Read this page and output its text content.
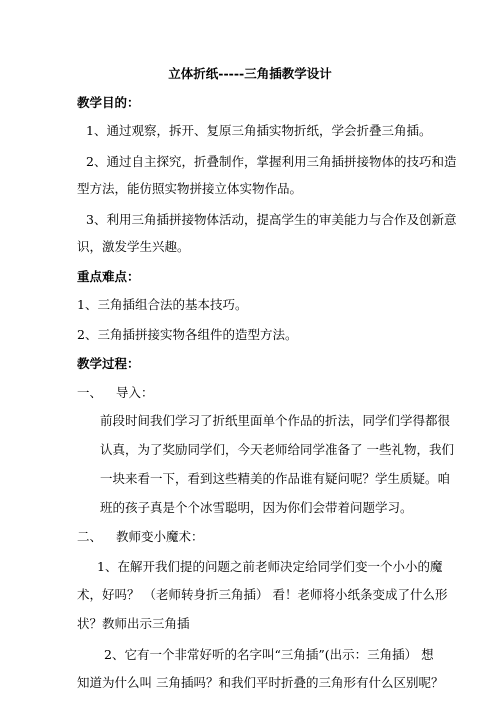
立体折纸-----三角插教学设计
教学目的：
1、通过观察，拆开、复原三角插实物折纸，学会折叠三角插。
2、通过自主探究，折叠制作，掌握利用三角插拼接物体的技巧和造
型方法，能仿照实物拼接立体实物作品。
3、利用三角插拼接物体活动，提高学生的审美能力与合作及创新意
识，激发学生兴趣。
重点难点：
1、三角插组合法的基本技巧。
2、三角插拼接实物各组件的造型方法。
教学过程：
一、 导入：
前段时间我们学习了折纸里面单个作品的折法，同学们学得都很
认真，为了奖励同学们，今天老师给同学准备了 一些礼物，我们
一块来看一下，看到这些精美的作品谁有疑问呢？学生质疑。咱
班的孩子真是个个冰雪聪明，因为你们会带着问题学习。
二、 教师变小魔术：
1、在解开我们提的问题之前老师决定给同学们变一个小小的魔
术，好吗？ （老师转身折三角插） 看！老师将小纸条变成了什么形
状？教师出示三角插
2、它有一个非常好听的名字叫“三角插”(出示：三角插） 想
知道为什么叫 三角插吗？和我们平时折叠的三角形有什么区别呢？
